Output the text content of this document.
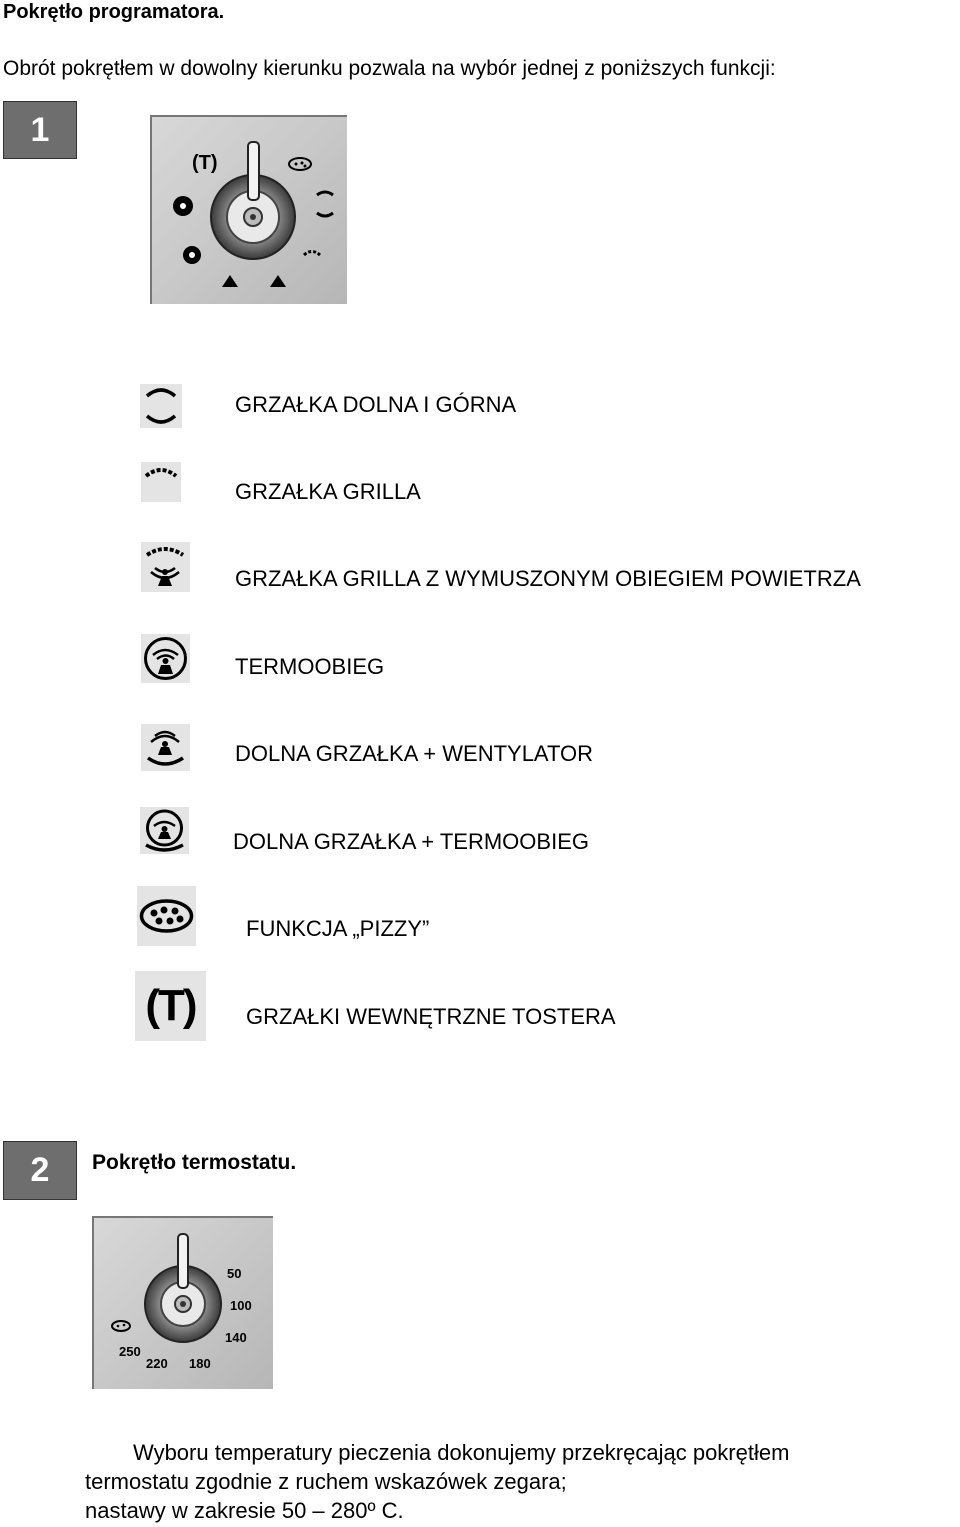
Pokrętło programatora.
Obrót pokrętłem w dowolny kierunku pozwala na wybór jednej z poniższych funkcji:
1
(T)
GRZAŁKA DOLNA I GÓRNA
GRZAŁKA GRILLA
GRZAŁKA GRILLA Z WYMUSZONYM OBIEGIEM POWIETRZA
TERMOOBIEG
DOLNA GRZAŁKA + WENTYLATOR
DOLNA GRZAŁKA + TERMOOBIEG
FUNKCJA „PIZZY”
(T) GRZAŁKI WEWNĘTRZNE TOSTERA
2	Pokrętło termostatu.
50
100
140
180
220
250
Wyboru temperatury pieczenia dokonujemy przekręcając pokrętłem
termostatu zgodnie z ruchem wskazówek zegara;
nastawy w zakresie 50 – 280º C.
